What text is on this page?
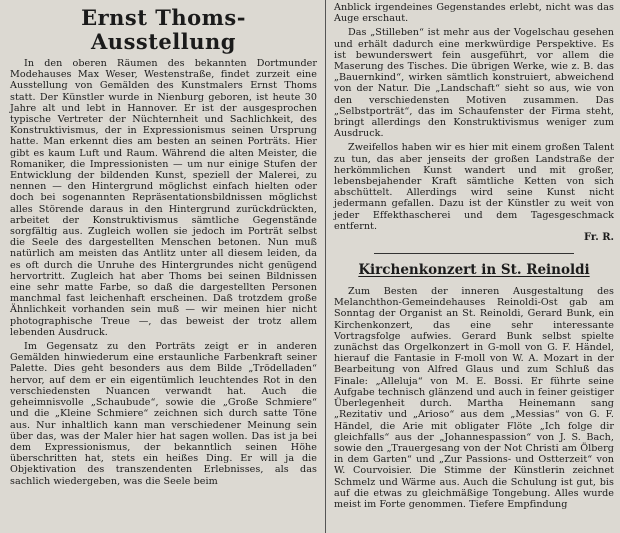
Ernst Thoms-Ausstellung

In den oberen Räumen des bekannten Dortmunder Modehauses Max Weser, Westenstraße, findet zurzeit eine Ausstellung von Gemälden des Kunstmalers Ernst Thoms statt. Der Künstler wurde in Nienburg geboren, ist heute 30 Jahre alt und lebt in Hannover. Er ist der ausgesprochen typische Vertreter der Nüchternheit und Sachlichkeit, des Konstruktivismus, der in Expressionismus seinen Ursprung hatte. Man erkennt dies am besten an seinen Porträts. Hier gibt es kaum Luft und Raum. Während die alten Meister, die Romaniker, die Impressionisten — um nur einige Stufen der Entwicklung der bildenden Kunst, speziell der Malerei, zu nennen — den Hintergrund möglichst einfach hielten oder doch bei sogenannten Repräsentationsbildnissen möglichst alles Störende daraus in den Hintergrund zurückdrückten, arbeitet der Konstruktivismus sämtliche Gegenstände sorgfältig aus. Zugleich wollen sie jedoch im Porträt selbst die Seele des dargestellten Menschen betonen. Nun muß natürlich am meisten das Antlitz unter all diesem leiden, da es oft durch die Unruhe des Hintergrundes nicht genügend hervortritt. Zugleich hat aber Thoms bei seinen Bildnissen eine sehr matte Farbe, so daß die dargestellten Personen manchmal fast leichenhaft erscheinen. Daß trotzdem große Ähnlichkeit vorhanden sein muß — wir meinen hier nicht photographische Treue —, das beweist der trotz allem lebenden Ausdruck.

Im Gegensatz zu den Porträts zeigt er in anderen Gemälden hinwiederum eine erstaunliche Farbenkraft seiner Palette. Dies geht besonders aus dem Bilde „Trödelladen“ hervor, auf dem er ein eigentümlich leuchtendes Rot in den verschiedensten Nuancen verwandt hat. Auch die geheimnisvolle „Schaubude“, sowie die „Große Schmiere“ und die „Kleine Schmiere“ zeichnen sich durch satte Töne aus. Nur inhaltlich kann man verschiedener Meinung sein über das, was der Maler hier hat sagen wollen. Das ist ja bei dem Expressionismus, der bekanntlich seinen Höhe überschritten hat, stets ein heißes Ding. Er will ja die Objektivation des transzendenten Erlebnisses, als das sachlich wiedergeben, was die Seele beim

Anblick irgendeines Gegenstandes erlebt, nicht was das Auge erschaut.

Das „Stilleben“ ist mehr aus der Vogelschau gesehen und erhält dadurch eine merkwürdige Perspektive. Es ist bewunderswert fein ausgeführt, vor allem die Maserung des Tisches. Die übrigen Werke, wie z. B. das „Bauernkind“, wirken sämtlich konstruiert, abweichend von der Natur. Die „Landschaft“ sieht so aus, wie von den verschiedensten Motiven zusammen. Das „Selbstporträt“, das im Schaufenster der Firma steht, bringt allerdings den Konstruktivismus weniger zum Ausdruck.

Zweifellos haben wir es hier mit einem großen Talent zu tun, das aber jenseits der großen Landstraße der herkömmlichen Kunst wandert und mit großer, lebensbejahender Kraft sämtliche Ketten von sich abschüttelt. Allerdings wird seine Kunst nicht jedermann gefallen. Dazu ist der Künstler zu weit von jeder Effekthascherei und dem Tagesgeschmack entfernt.

Fr. R.
Kirchenkonzert in St. Reinoldi

Zum Besten der inneren Ausgestaltung des Melanchthon-Gemeindehauses Reinoldi-Ost gab am Sonntag der Organist an St. Reinoldi, Gerard Bunk, ein Kirchenkonzert, das eine sehr interessante Vortragsfolge aufwies. Gerard Bunk selbst spielte zunächst das Orgelkonzert in G-moll von G. F. Händel, hierauf die Fantasie in F-moll von W. A. Mozart in der Bearbeitung von Alfred Glaus und zum Schluß das Finale: „Alleluja“ von M. E. Bossi. Er führte seine Aufgabe technisch glänzend und auch in feiner geistiger Überlegenheit durch. Martha Heinemann sang „Rezitativ und „Arioso“ aus dem „Messias“ von G. F. Händel, die Arie mit obligater Flöte „Ich folge dir gleichfalls“ aus der „Johannespassion“ von J. S. Bach, sowie den „Trauergesang von der Not Christi am Ölberg in dem Garten“ und „Zur Passions- und Ostterzeit“ von W. Courvoisier. Die Stimme der Künstlerin zeichnet Schmelz und Wärme aus. Auch die Schulung ist gut, bis auf die etwas zu gleichmäßige Tongebung. Alles wurde meist im Forte genommen. Tiefere Empfindung
